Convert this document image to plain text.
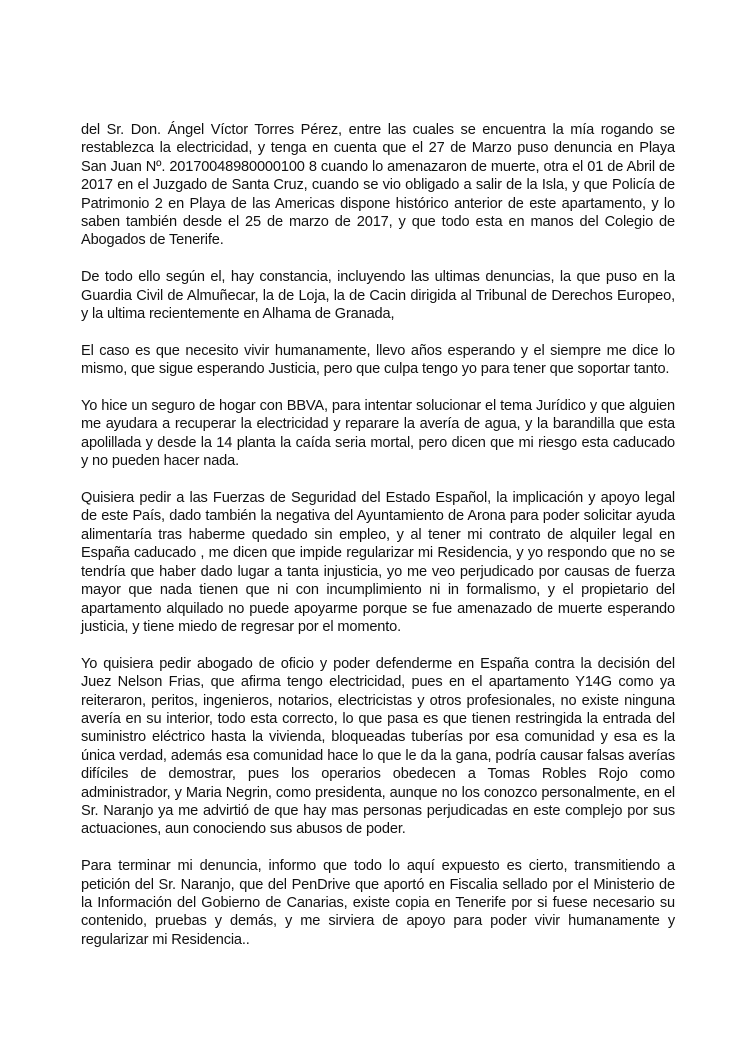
del Sr. Don. Ángel Víctor Torres Pérez, entre las cuales se encuentra la mía rogando se restablezca la electricidad, y tenga en cuenta que el 27 de Marzo puso denuncia en Playa San Juan Nº. 20170048980000100 8 cuando lo amenazaron de muerte, otra el 01 de Abril de 2017 en el Juzgado de Santa Cruz, cuando se vio obligado a salir de la Isla, y que Policía de Patrimonio 2 en Playa de las Americas dispone histórico anterior de este apartamento, y lo saben también desde el 25 de marzo de 2017, y que todo esta en manos del Colegio de Abogados de Tenerife.

De todo ello según el, hay constancia, incluyendo las ultimas denuncias, la que puso en la Guardia Civil de Almuñecar, la de Loja, la de Cacin dirigida al Tribunal de Derechos Europeo, y la ultima recientemente en Alhama de Granada,

El caso es que necesito vivir humanamente, llevo años esperando y el siempre me dice lo mismo, que sigue esperando Justicia, pero que culpa tengo yo para tener que soportar tanto.

Yo hice un seguro de hogar con BBVA, para intentar solucionar el tema Jurídico y que alguien me ayudara a recuperar la electricidad y reparare la avería de agua, y la barandilla que esta apolillada y desde la 14 planta la caída seria mortal, pero dicen que mi riesgo esta caducado y no pueden hacer nada.

Quisiera pedir a las Fuerzas de Seguridad del Estado Español, la implicación y apoyo legal de este País, dado también la negativa del Ayuntamiento de Arona para poder solicitar ayuda alimentaría tras haberme quedado sin empleo, y al tener mi contrato de alquiler legal en España caducado , me dicen que impide regularizar mi Residencia, y yo respondo que no se tendría que haber dado lugar a tanta injusticia, yo me veo perjudicado por causas de fuerza mayor que nada tienen que ni con incumplimiento ni in formalismo, y el propietario del apartamento alquilado no puede apoyarme porque se fue amenazado de muerte esperando justicia, y tiene miedo de regresar por el momento.

Yo quisiera pedir abogado de oficio y poder defenderme en España contra la decisión del Juez Nelson Frias, que afirma tengo electricidad, pues en el apartamento Y14G como ya reiteraron, peritos, ingenieros, notarios, electricistas y otros profesionales, no existe ninguna avería en su interior, todo esta correcto, lo que pasa es que tienen restringida la entrada del suministro eléctrico hasta la vivienda, bloqueadas tuberías por esa comunidad y esa es la única verdad, además esa comunidad hace lo que le da la gana, podría causar falsas averías difíciles de demostrar, pues los operarios obedecen a Tomas Robles Rojo como administrador, y Maria Negrin, como presidenta, aunque no los conozco personalmente, en el Sr. Naranjo ya me advirtió de que hay mas personas perjudicadas en este complejo por sus actuaciones, aun conociendo sus abusos de poder.

Para terminar mi denuncia, informo que todo lo aquí expuesto es cierto, transmitiendo a petición del Sr. Naranjo, que del PenDrive que aportó en Fiscalia sellado por el Ministerio de la Información del Gobierno de Canarias, existe copia en Tenerife por si fuese necesario su contenido, pruebas y demás, y me sirviera de apoyo para poder vivir humanamente y regularizar mi Residencia..
